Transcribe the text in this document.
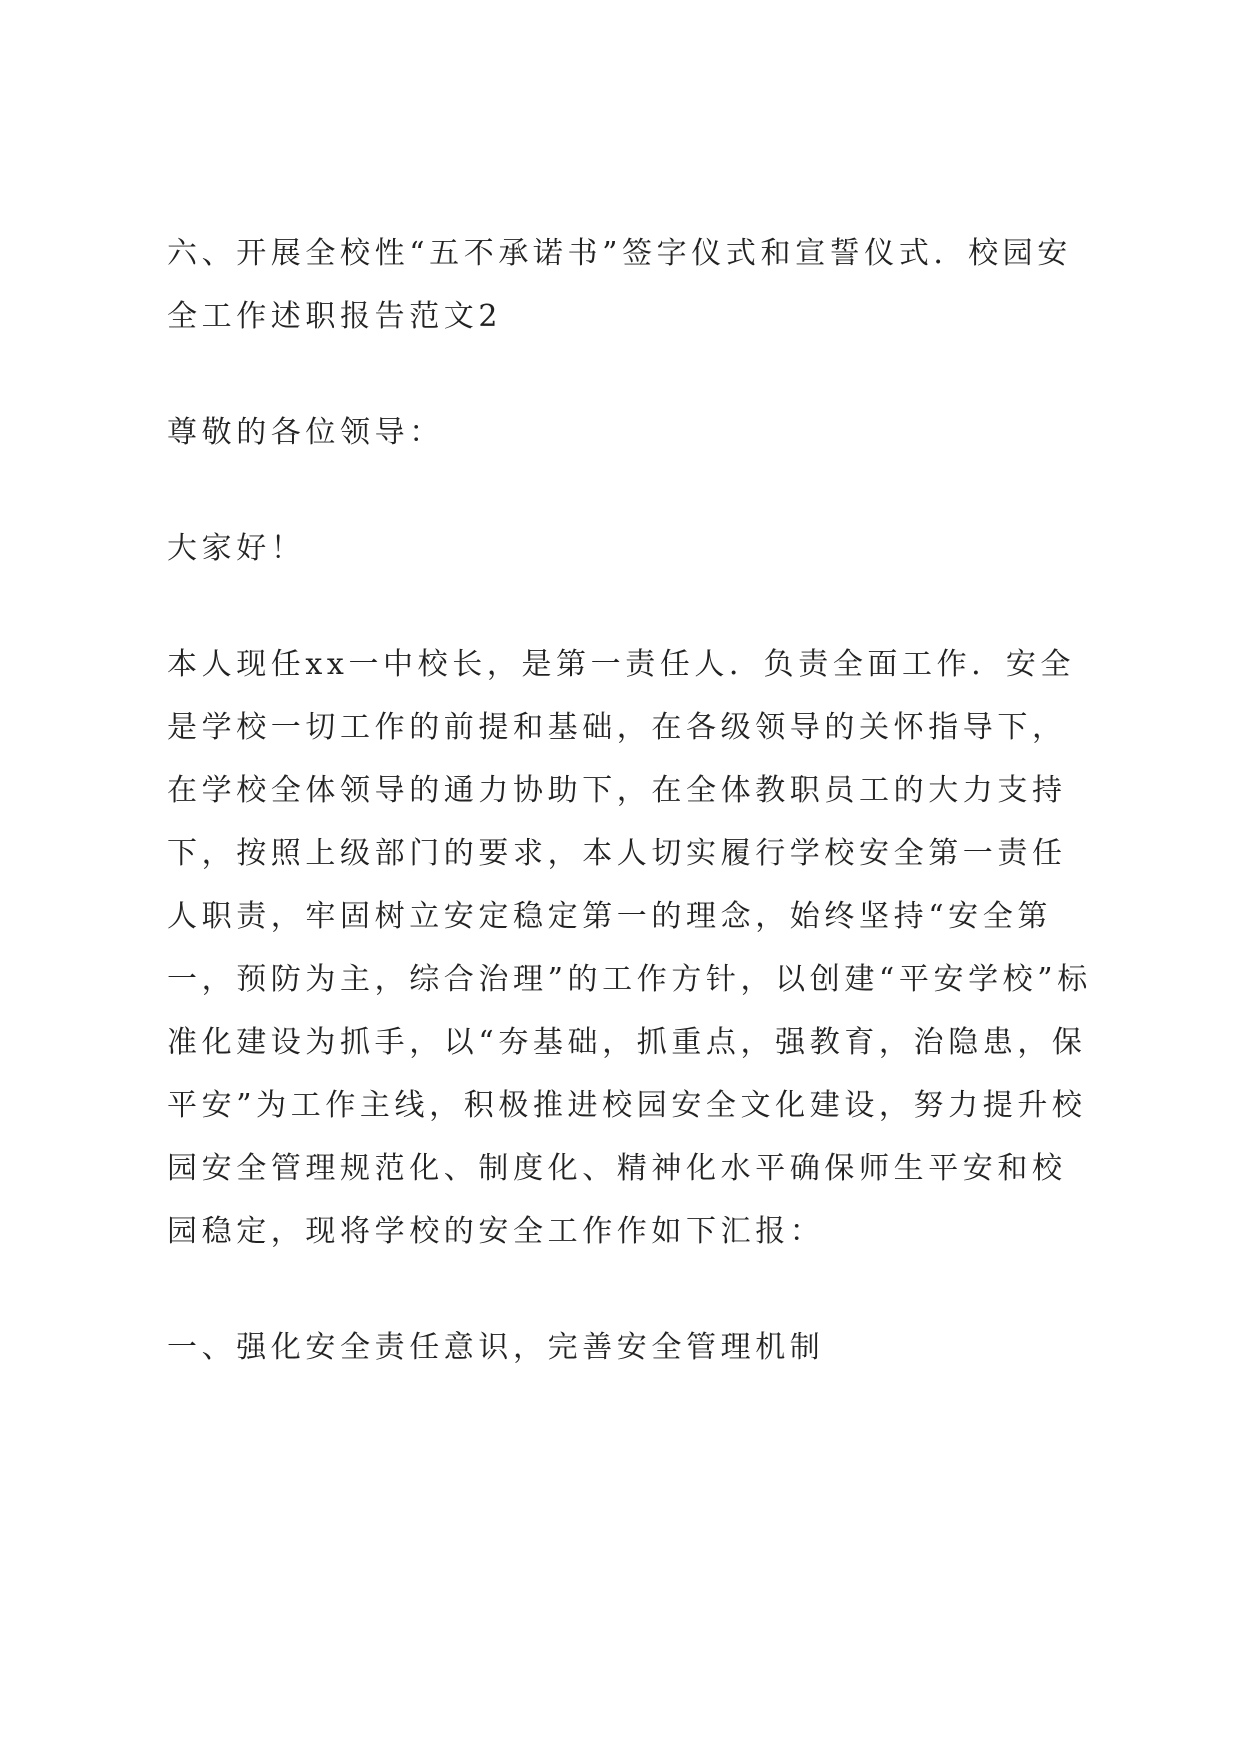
六、开展全校性“五不承诺书”签字仪式和宣誓仪式．校园安全工作述职报告范文2

尊敬的各位领导：

大家好！

本人现任xx一中校长，是第一责任人．负责全面工作．安全是学校一切工作的前提和基础，在各级领导的关怀指导下，在学校全体领导的通力协助下，在全体教职员工的大力支持下，按照上级部门的要求，本人切实履行学校安全第一责任人职责，牢固树立安定稳定第一的理念，始终坚持“安全第一，预防为主，综合治理”的工作方针，以创建“平安学校”标准化建设为抓手，以“夯基础，抓重点，强教育，治隐患，保平安”为工作主线，积极推进校园安全文化建设，努力提升校园安全管理规范化、制度化、精神化水平确保师生平安和校园稳定，现将学校的安全工作作如下汇报：

一、强化安全责任意识，完善安全管理机制
